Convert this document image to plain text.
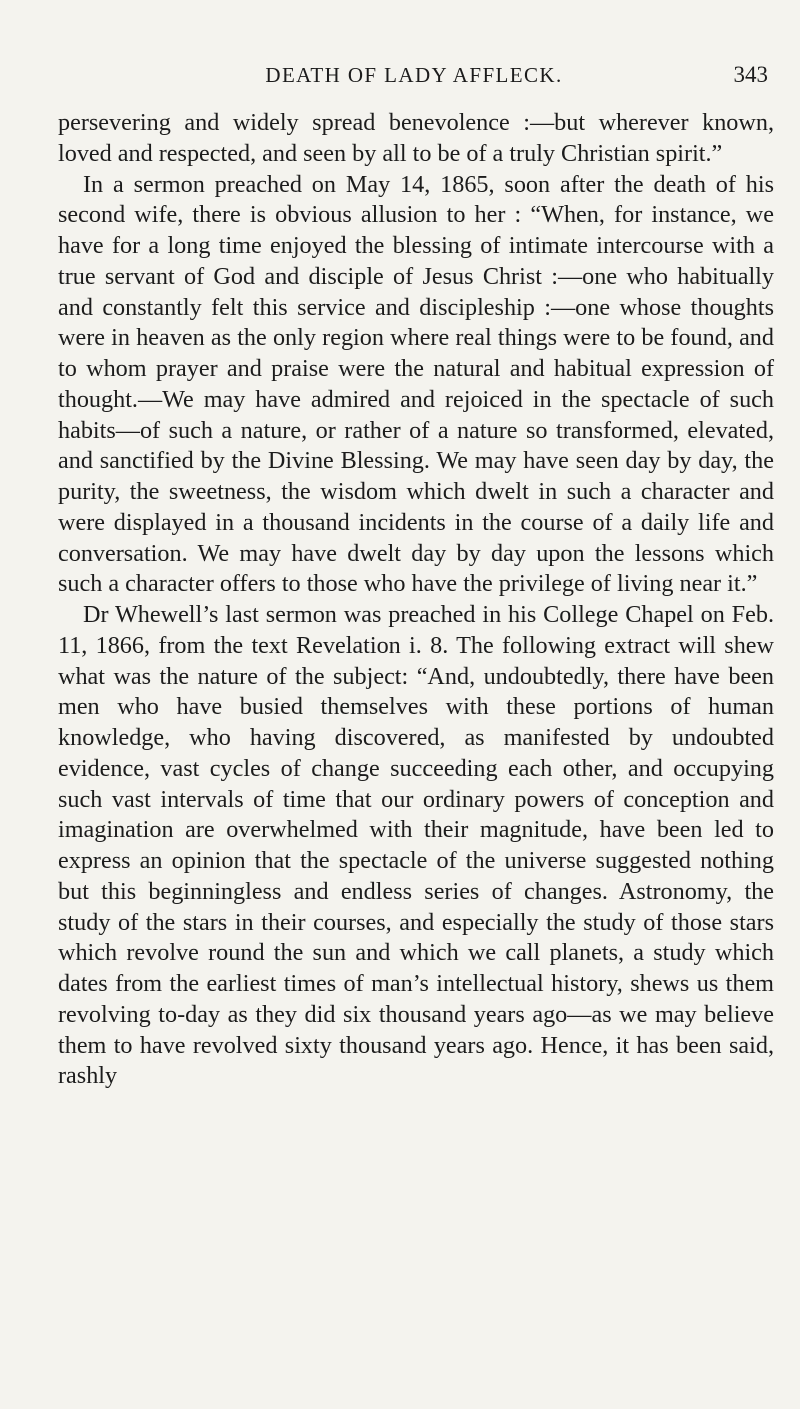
DEATH OF LADY AFFLECK.	343

persevering and widely spread benevolence :—but wherever known, loved and respected, and seen by all to be of a truly Christian spirit.”

In a sermon preached on May 14, 1865, soon after the death of his second wife, there is obvious allusion to her : “When, for instance, we have for a long time enjoyed the blessing of intimate intercourse with a true servant of God and disciple of Jesus Christ :—one who habitually and constantly felt this service and discipleship :—one whose thoughts were in heaven as the only region where real things were to be found, and to whom prayer and praise were the natural and habitual expression of thought.—We may have admired and rejoiced in the spectacle of such habits—of such a nature, or rather of a nature so transformed, elevated, and sanctified by the Divine Blessing. We may have seen day by day, the purity, the sweetness, the wisdom which dwelt in such a character and were displayed in a thousand incidents in the course of a daily life and conversation. We may have dwelt day by day upon the lessons which such a character offers to those who have the privilege of living near it.”

Dr Whewell’s last sermon was preached in his College Chapel on Feb. 11, 1866, from the text Revelation i. 8. The following extract will shew what was the nature of the subject: “And, undoubtedly, there have been men who have busied themselves with these portions of human knowledge, who having discovered, as manifested by undoubted evidence, vast cycles of change succeeding each other, and occupying such vast intervals of time that our ordinary powers of conception and imagination are overwhelmed with their magnitude, have been led to express an opinion that the spectacle of the universe suggested nothing but this beginningless and endless series of changes. Astronomy, the study of the stars in their courses, and especially the study of those stars which revolve round the sun and which we call planets, a study which dates from the earliest times of man’s intellectual history, shews us them revolving to-day as they did six thousand years ago—as we may believe them to have revolved sixty thousand years ago. Hence, it has been said, rashly
